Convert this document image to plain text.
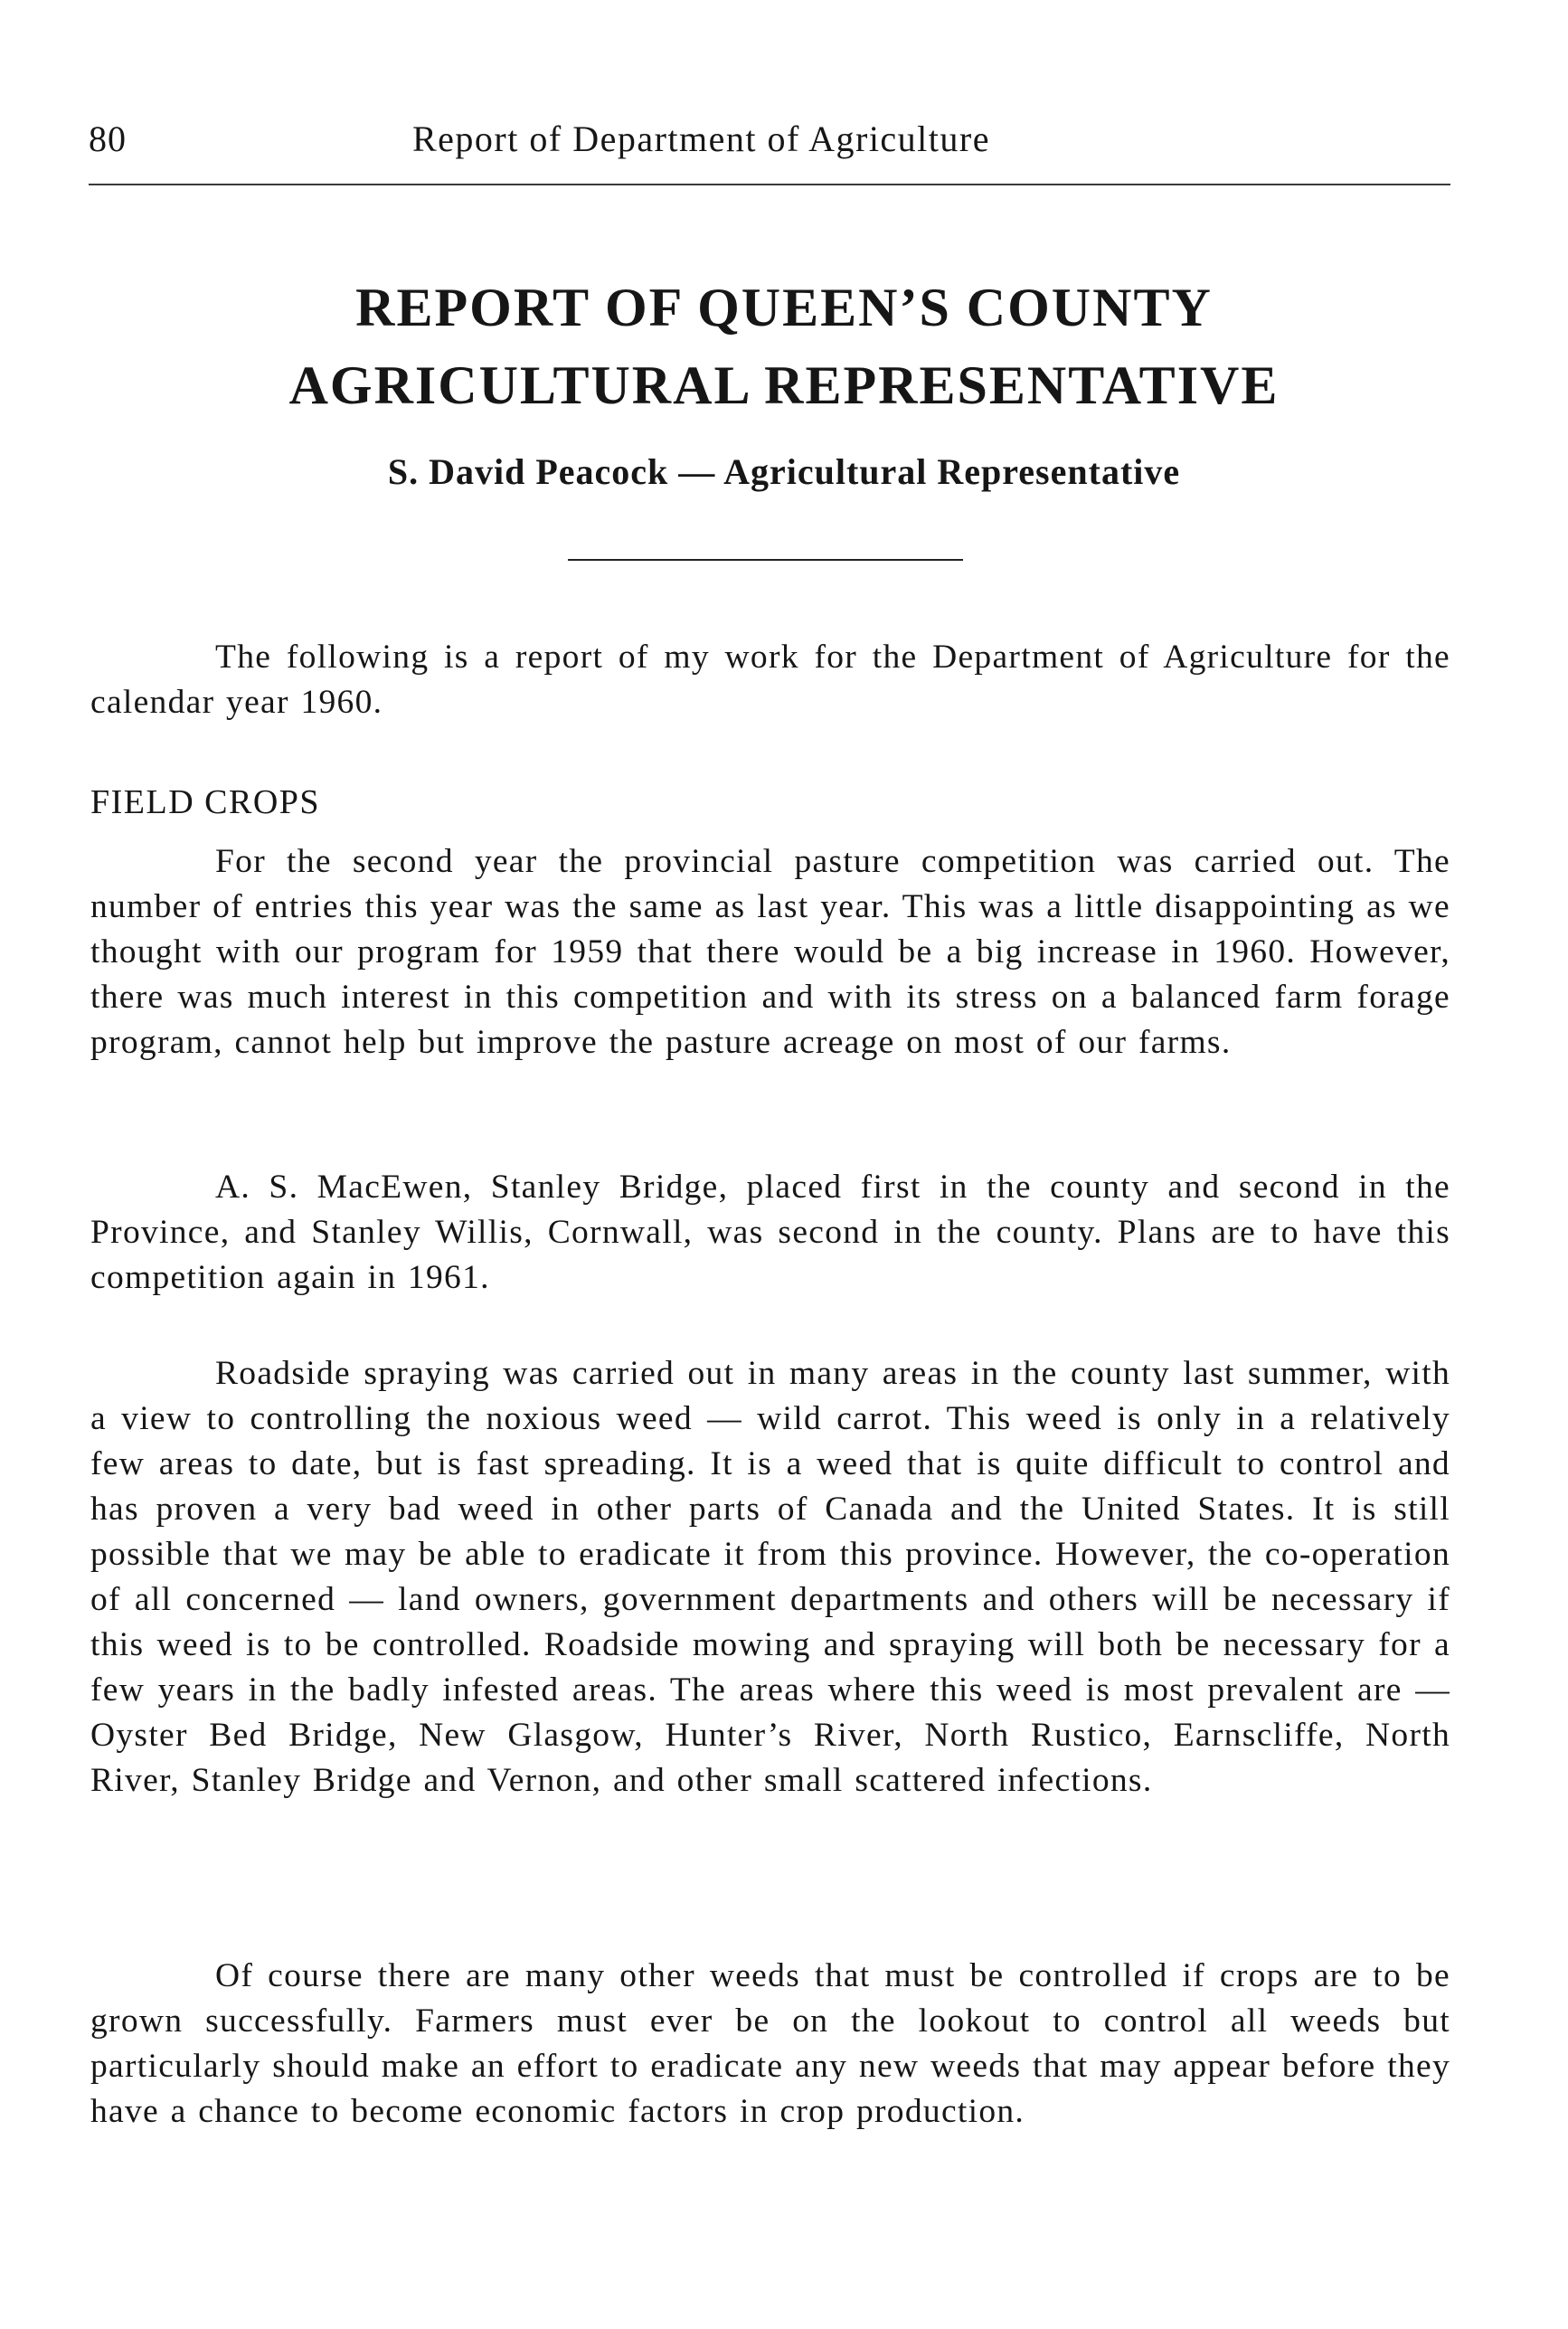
80	Report of Department of Agriculture
REPORT OF QUEEN’S COUNTY
AGRICULTURAL REPRESENTATIVE
S. David Peacock — Agricultural Representative

The following is a report of my work for the Department of Agriculture for the calendar year 1960.

FIELD CROPS

For the second year the provincial pasture competition was carried out. The number of entries this year was the same as last year. This was a little disappointing as we thought with our program for 1959 that there would be a big increase in 1960. However, there was much interest in this competition and with its stress on a balanced farm forage program, cannot help but improve the pasture acreage on most of our farms.

A. S. MacEwen, Stanley Bridge, placed first in the county and second in the Province, and Stanley Willis, Cornwall, was second in the county. Plans are to have this competition again in 1961.

Roadside spraying was carried out in many areas in the county last summer, with a view to controlling the noxious weed — wild carrot. This weed is only in a relatively few areas to date, but is fast spreading. It is a weed that is quite difficult to control and has proven a very bad weed in other parts of Canada and the United States. It is still possible that we may be able to eradicate it from this province. However, the co-operation of all concerned — land owners, government departments and others will be necessary if this weed is to be controlled. Roadside mowing and spraying will both be necessary for a few years in the badly infested areas. The areas where this weed is most prevalent are — Oyster Bed Bridge, New Glasgow, Hunter’s River, North Rustico, Earnscliffe, North River, Stanley Bridge and Vernon, and other small scattered infections.

Of course there are many other weeds that must be controlled if crops are to be grown successfully. Farmers must ever be on the lookout to control all weeds but particularly should make an effort to eradicate any new weeds that may appear before they have a chance to become economic factors in crop production.
